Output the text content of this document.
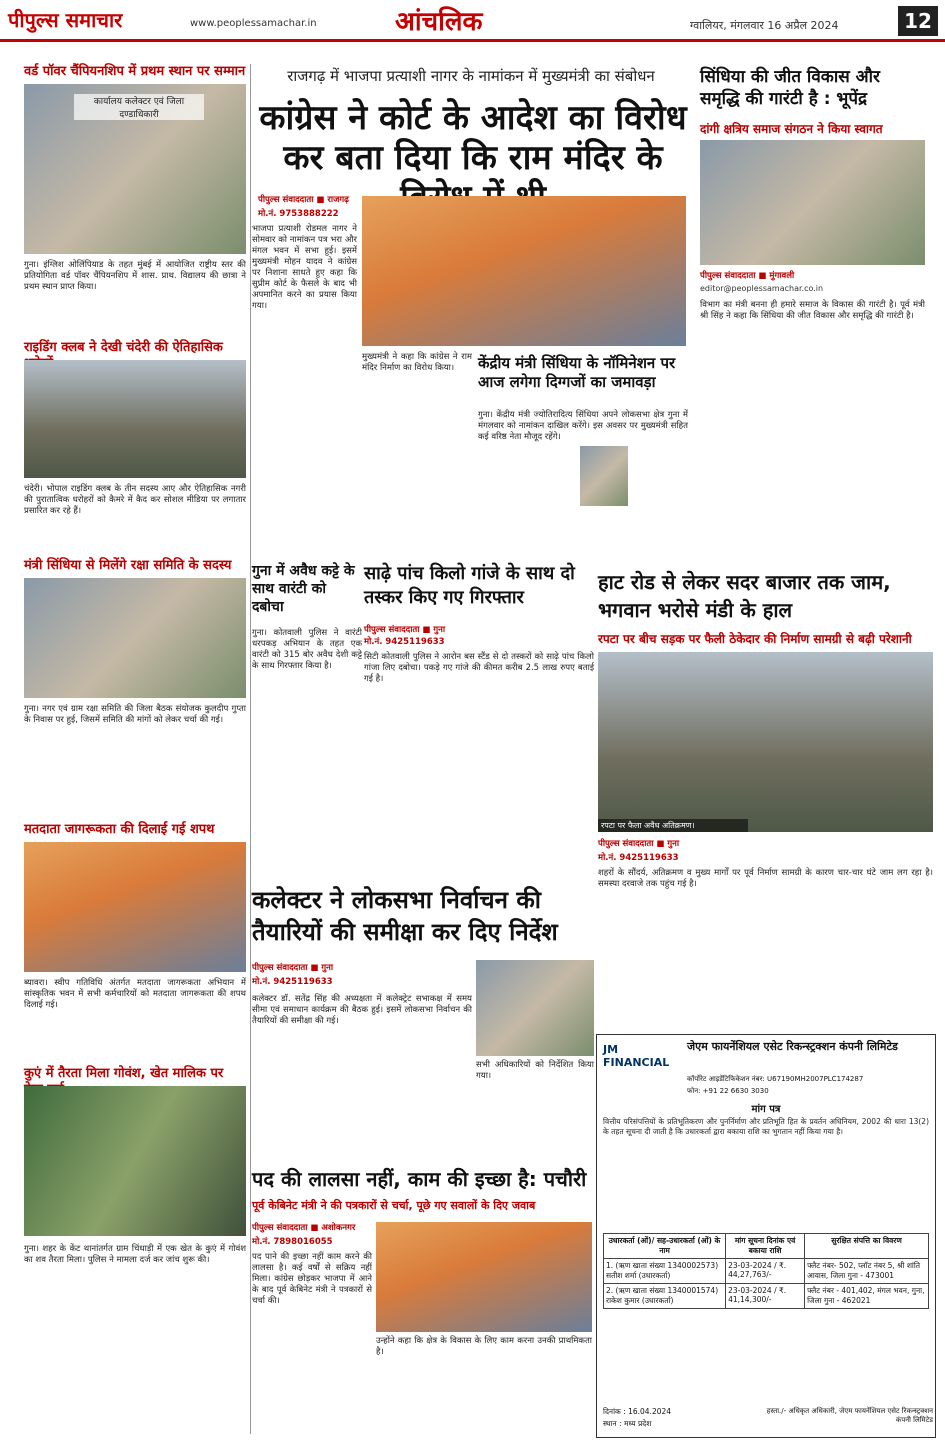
पीपुल्स समाचार	www.peoplessamachar.in	आंचलिक	ग्वालियर, मंगलवार 16 अप्रैल 2024	12
वर्ड पॉवर चैंपियनशिप में प्रथम स्थान पर सम्मान
कार्यालय कलेक्टर एवं जिला दण्डाधिकारी
गुना। इंग्लिश ओलिंपियाड के तहत मुंबई में आयोजित राष्ट्रीय स्तर की प्रतियोगिता वर्ड पॉवर चैंपियनशिप में शास. प्राथ. विद्यालय की छात्रा ने प्रथम स्थान प्राप्त किया।
राइडिंग क्लब ने देखी चंदेरी की ऐतिहासिक
चंदेरी। भोपाल राइडिंग क्लब के तीन सदस्य आए और ऐतिहासिक नगरी की पुरातात्विक धरोहरों को कैमरे में कैद कर सोशल मीडिया पर लगातार प्रसारित कर रहे हैं।
मंत्री सिंधिया से मिलेंगे रक्षा समिति के सदस्य
गुना। नगर एवं ग्राम रक्षा समिति की जिला बैठक संयोजक कुलदीप गुप्ता के निवास पर हुई, जिसमें समिति की मांगों को लेकर चर्चा की गई।
मतदाता जागरूकता की दिलाई गई शपथ
ब्यावरा। स्वीप गतिविधि अंतर्गत मतदाता जागरूकता अभियान में सांस्कृतिक भवन में सभी कर्मचारियों को मतदाता जागरूकता की शपथ दिलाई गई।
कुएं में तैरता मिला गोवंश, खेत मालिक पर
गुना। शहर के केंट थानांतर्गत ग्राम चिंधाड़ी में एक खेत के कुएं में गोवंश का शव तैरता मिला। पुलिस ने मामला दर्ज कर जांच शुरू की।
राजगढ़ में भाजपा प्रत्याशी नागर के नामांकन में मुख्यमंत्री का संबोधन
कांग्रेस ने कोर्ट के आदेश का विरोध कर बता दिया कि राम मंदिर के
पीपुल्स संवाददाता ■ राजगढ़
मो.नं. 9753888222
भाजपा प्रत्याशी रोडमल नागर ने सोमवार को नामांकन पत्र भरा और मंगल भवन में सभा हुई। इसमें मुख्यमंत्री मोहन यादव ने कांग्रेस पर निशाना साधते हुए कहा कि सुप्रीम कोर्ट के फैसले के बाद भी अपमानित करने का प्रयास किया गया।
मुख्यमंत्री ने कहा कि कांग्रेस ने राम मंदिर निर्माण का विरोध किया।	केंद्रीय मंत्री सिंधिया के नॉमिनेशन पर आज लगेगा दिग्गजों का जमावड़ा
गुना। केंद्रीय मंत्री ज्योतिरादित्य सिंधिया अपने लोकसभा क्षेत्र गुना में मंगलवार को नामांकन दाखिल करेंगे। इस अवसर पर मुख्यमंत्री सहित कई वरिष्ठ नेता मौजूद रहेंगे।
सिंधिया की जीत विकास और समृद्धि की गारंटी है : भूपेंद्र
दांगी क्षत्रिय समाज संगठन ने किया स्वागत
पीपुल्स संवाददाता ■ मुंगावली
editor@peoplessamachar.co.in
विभाग का मंत्री बनना ही हमारे समाज के विकास की गारंटी है। पूर्व मंत्री श्री सिंह ने कहा कि सिंधिया की जीत विकास और समृद्धि की गारंटी है।
गुना में अवैध कट्टे के साथ वारंटी को दबोचा
गुना। कोतवाली पुलिस ने वारंटी धरपकड़ अभियान के तहत एक वारंटी को 315 बोर अवैध देशी कट्टे के साथ गिरफ्तार किया है।
साढ़े पांच किलो गांजे के साथ दो तस्कर किए गए गिरफ्तार
पीपुल्स संवाददाता ■ गुना
मो.नं. 9425119633
सिटी कोतवाली पुलिस ने आरोन बस स्टैंड से दो तस्करों को साढ़े पांच किलो गांजा लिए दबोचा। पकड़े गए गांजे की कीमत करीब 2.5 लाख रुपए बताई गई है।
हाट रोड से लेकर सदर बाजार तक जाम, भगवान भरोसे मंडी के हाल
रपटा पर बीच सड़क पर फैली ठेकेदार की निर्माण सामग्री से बढ़ी परेशानी
रपटा पर फैला अवैध अतिक्रमण।
पीपुल्स संवाददाता ■ गुना
मो.नं. 9425119633
शहरों के सौंदर्य, अतिक्रमण व मुख्य मार्गों पर पूर्व निर्माण सामग्री के कारण चार-चार घंटे जाम लग रहा है। समस्या दरवाजे तक पहुंच गई है।
कलेक्टर ने लोकसभा निर्वाचन की तैयारियों की समीक्षा कर दिए निर्देश
पीपुल्स संवाददाता ■ गुना
मो.नं. 9425119633
कलेक्टर डॉ. सतेंद्र सिंह की अध्यक्षता में कलेक्ट्रेट सभाकक्ष में समय सीमा एवं समाधान कार्यक्रम की बैठक हुई। इसमें लोकसभा निर्वाचन की तैयारियों की समीक्षा की गई।
सभी अधिकारियों को निर्देशित किया गया।
पद की लालसा नहीं, काम की इच्छा है: पचौरी
पूर्व केबिनेट मंत्री ने की पत्रकारों से चर्चा, पूछे गए सवालों के दिए जवाब
पीपुल्स संवाददाता ■ अशोकनगर
मो.नं. 7898016055
पद पाने की इच्छा नहीं काम करने की लालसा है। कई वर्षों से सक्रिय नहीं मिला। कांग्रेस छोड़कर भाजपा में आने के बाद पूर्व केबिनेट मंत्री ने पत्रकारों से चर्चा की।
उन्होंने कहा कि क्षेत्र के विकास के लिए काम करना उनकी प्राथमिकता है।
JM FINANCIAL
जेएम फायनेंशियल एसेट रिकन्स्ट्रक्शन कंपनी लिमिटेड
कॉर्पोरेट आइडेंटिफिकेशन नंबर: U67190MH2007PLC174287
फोन: +91 22 6630 3030
मांग पत्र
वित्तीय परिसंपत्तियों के प्रतिभूतिकरण और पुनर्निर्माण और प्रतिभूति हित के प्रवर्तन अधिनियम, 2002 की धारा 13(2) के तहत सूचना दी जाती है कि उधारकर्ता द्वारा बकाया राशि का भुगतान नहीं किया गया है।
उधारकर्ता (ओं)/ सह-उधारकर्ता (ओं) के नाम	मांग सूचना दिनांक एवं बकाया राशि	सुरक्षित संपत्ति का विवरण
1. (ऋण खाता संख्या 1340002573) सतीश शर्मा (उधारकर्ता)	23-03-2024 / ₹. 44,27,763/-	फ्लैट नंबर- 502, प्लॉट नंबर 5, श्री शांति आवास, जिला गुना - 473001
2. (ऋण खाता संख्या 1340001574) राकेश कुमार (उधारकर्ता)	23-03-2024 / ₹. 41,14,300/-	फ्लैट नंबर - 401,402, मंगल भवन, गुना, जिला गुना - 462021
दिनांक : 16.04.2024
स्थान : मध्य प्रदेश
हस्ता./- अधिकृत अधिकारी, जेएम फायनेंशियल एसेट रिकन्स्ट्रक्शन कंपनी लिमिटेड
